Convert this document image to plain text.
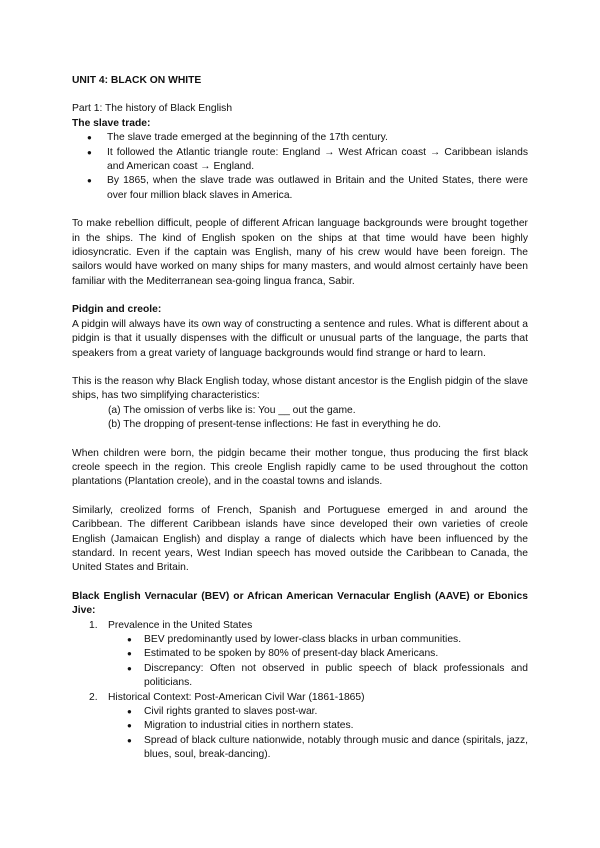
UNIT 4: BLACK ON WHITE

Part 1: The history of Black English

The slave trade:

● The slave trade emerged at the beginning of the 17th century.
● It followed the Atlantic triangle route: England → West African coast → Caribbean islands and American coast → England.
● By 1865, when the slave trade was outlawed in Britain and the United States, there were over four million black slaves in America.

To make rebellion difficult, people of different African language backgrounds were brought together in the ships. The kind of English spoken on the ships at that time would have been highly idiosyncratic. Even if the captain was English, many of his crew would have been foreign. The sailors would have worked on many ships for many masters, and would almost certainly have been familiar with the Mediterranean sea-going lingua franca, Sabir.

Pidgin and creole:

A pidgin will always have its own way of constructing a sentence and rules. What is different about a pidgin is that it usually dispenses with the difficult or unusual parts of the language, the parts that speakers from a great variety of language backgrounds would find strange or hard to learn.

This is the reason why Black English today, whose distant ancestor is the English pidgin of the slave ships, has two simplifying characteristics:

(a) The omission of verbs like is: You __ out the game.

(b) The dropping of present-tense inflections: He fast in everything he do.

When children were born, the pidgin became their mother tongue, thus producing the first black creole speech in the region. This creole English rapidly came to be used throughout the cotton plantations (Plantation creole), and in the coastal towns and islands.

Similarly, creolized forms of French, Spanish and Portuguese emerged in and around the Caribbean. The different Caribbean islands have since developed their own varieties of creole English (Jamaican English) and display a range of dialects which have been influenced by the standard. In recent years, West Indian speech has moved outside the Caribbean to Canada, the United States and Britain.

Black English Vernacular (BEV) or African American Vernacular English (AAVE) or Ebonics Jive:

1. Prevalence in the United States
● BEV predominantly used by lower-class blacks in urban communities.
● Estimated to be spoken by 80% of present-day black Americans.
● Discrepancy: Often not observed in public speech of black professionals and politicians.
2. Historical Context: Post-American Civil War (1861-1865)
● Civil rights granted to slaves post-war.
● Migration to industrial cities in northern states.
● Spread of black culture nationwide, notably through music and dance (spiritals, jazz, blues, soul, break-dancing).
